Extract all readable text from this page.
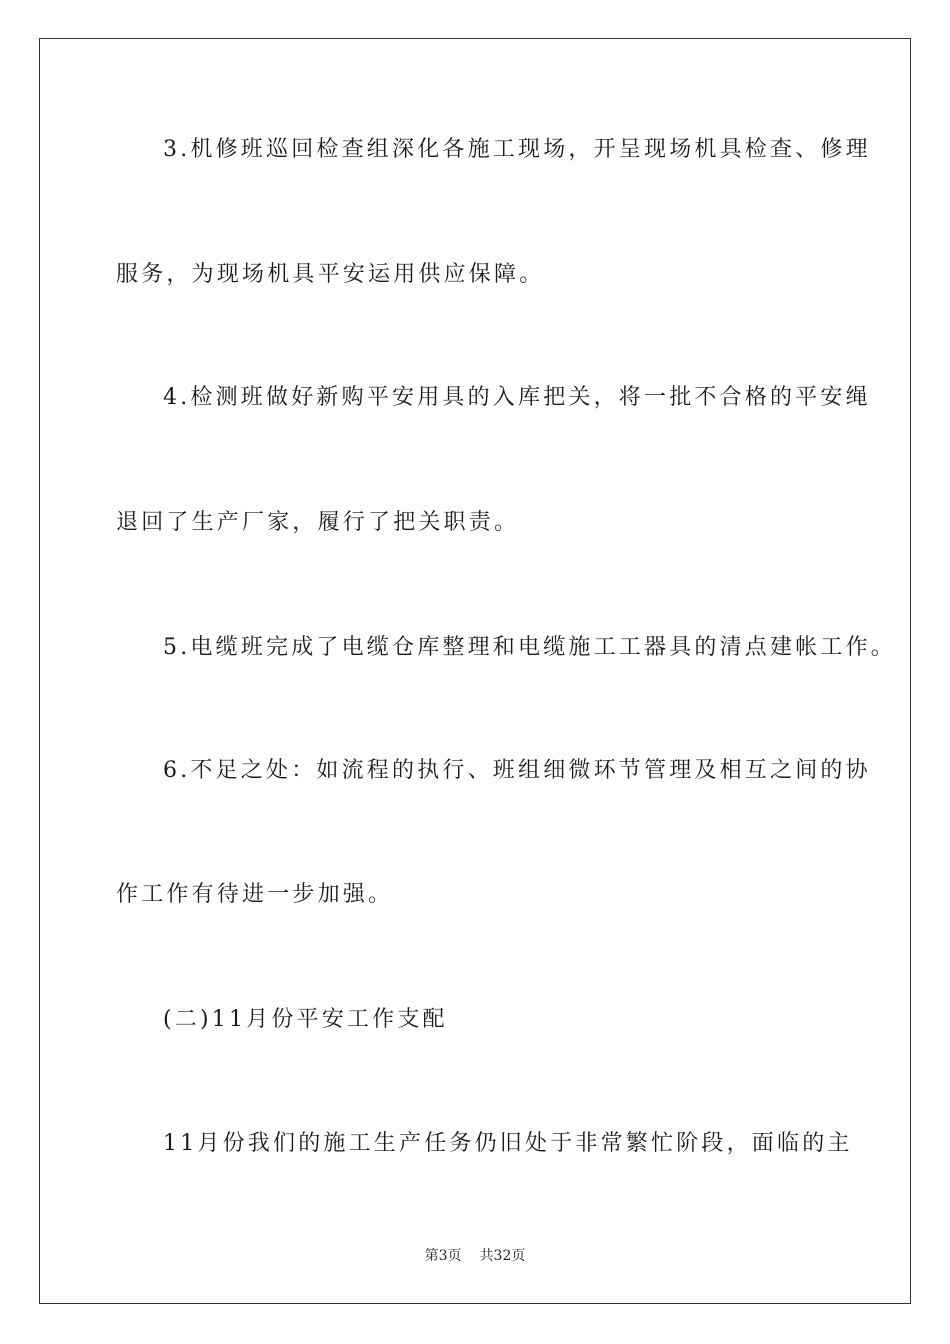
3.机修班巡回检查组深化各施工现场，开呈现场机具检查、修理
服务，为现场机具平安运用供应保障。
4.检测班做好新购平安用具的入库把关，将一批不合格的平安绳
退回了生产厂家，履行了把关职责。
5.电缆班完成了电缆仓库整理和电缆施工工器具的清点建帐工作。
6.不足之处：如流程的执行、班组细微环节管理及相互之间的协
作工作有待进一步加强。
(二)11月份平安工作支配
11月份我们的施工生产任务仍旧处于非常繁忙阶段，面临的主
第3页 共32页
